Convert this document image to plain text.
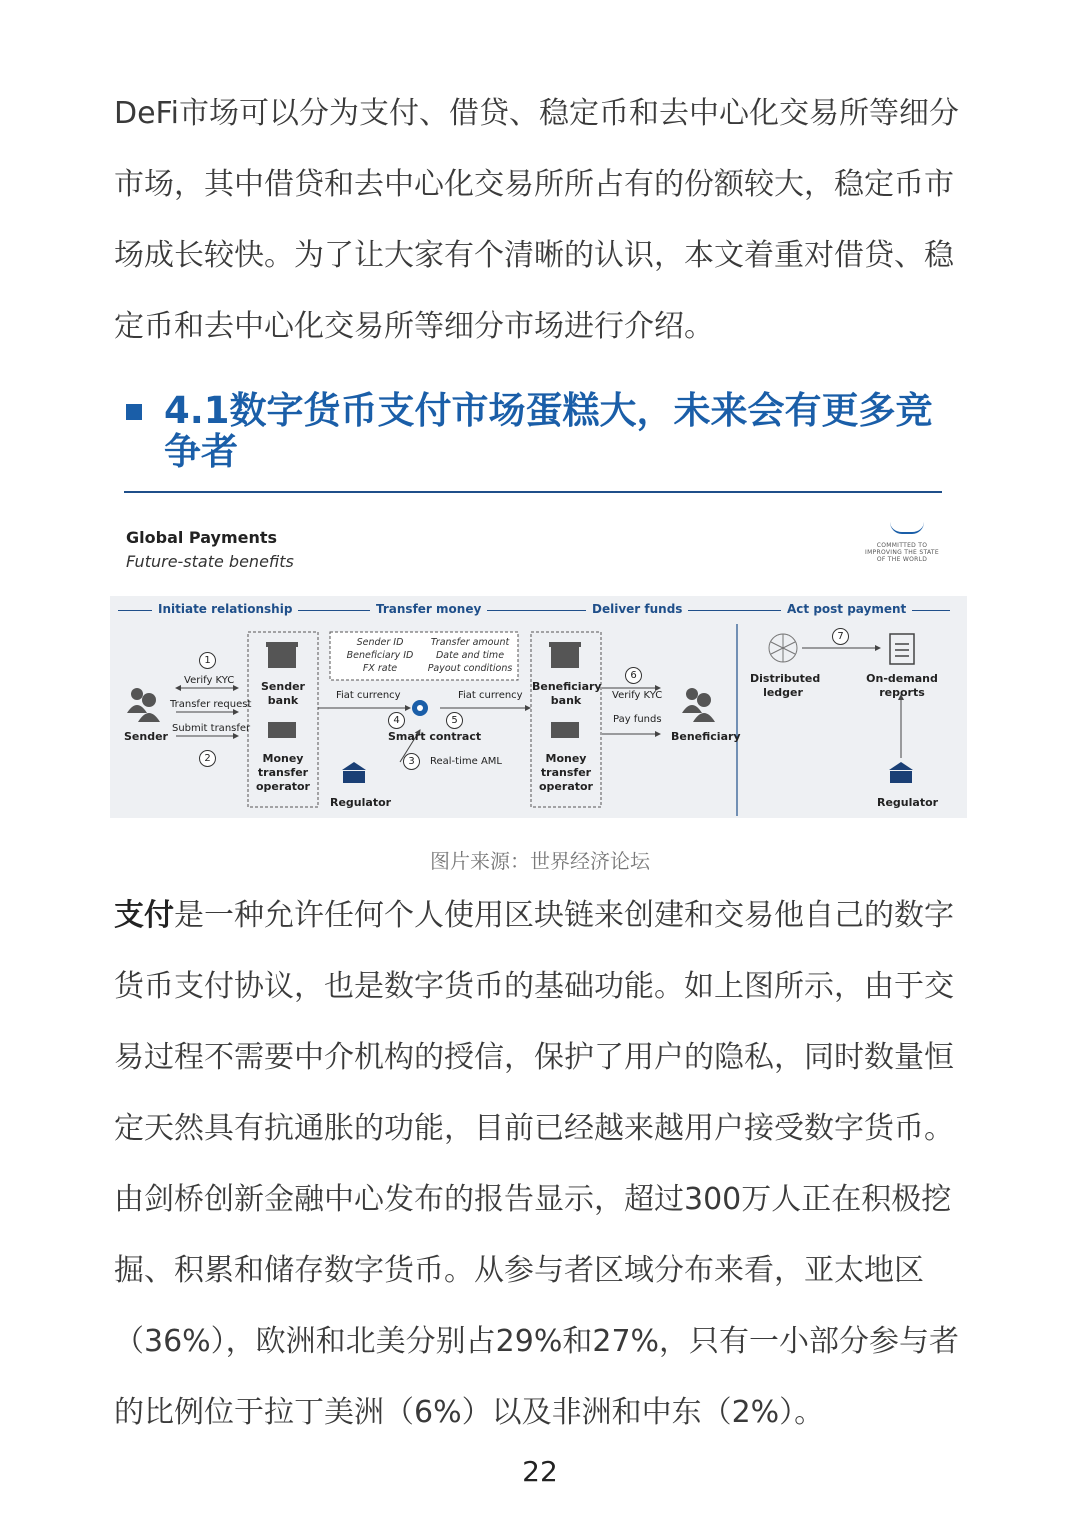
DeFi市场可以分为支付、借贷、稳定币和去中心化交易所等细分市场，其中借贷和去中心化交易所所占有的份额较大，稳定币市场成长较快。为了让大家有个清晰的认识，本文着重对借贷、稳定币和去中心化交易所等细分市场进行介绍。

4.1数字货币支付市场蛋糕大，未来会有更多竞争者
Global Payments
Future-state benefits
COMMITTED TO IMPROVING THE STATE OF THE WORLD
Initiate relationship	Transfer money	Deliver funds	Act post payment
Sender
Sender bank
Money transfer operator
Regulator
Beneficiary bank
Money transfer operator
Beneficiary
Smart contract
Distributed ledger
On-demand reports
Regulator
Sender ID
Beneficiary ID
FX rate
Transfer amount
Date and time
Payout conditions
Verify KYC
Transfer request
Submit transfer
Fiat currency	Fiat currency
Real-time AML
Verify KYC
Pay funds
1
2	3
4	5
6
7
图片来源：世界经济论坛

支付是一种允许任何个人使用区块链来创建和交易他自己的数字货币支付协议，也是数字货币的基础功能。如上图所示，由于交易过程不需要中介机构的授信，保护了用户的隐私，同时数量恒定天然具有抗通胀的功能，目前已经越来越用户接受数字货币。由剑桥创新金融中心发布的报告显示，超过300万人正在积极挖掘、积累和储存数字货币。从参与者区域分布来看，亚太地区（36%），欧洲和北美分别占29%和27%，只有一小部分参与者的比例位于拉丁美洲（6%）以及非洲和中东（2%）。

22
